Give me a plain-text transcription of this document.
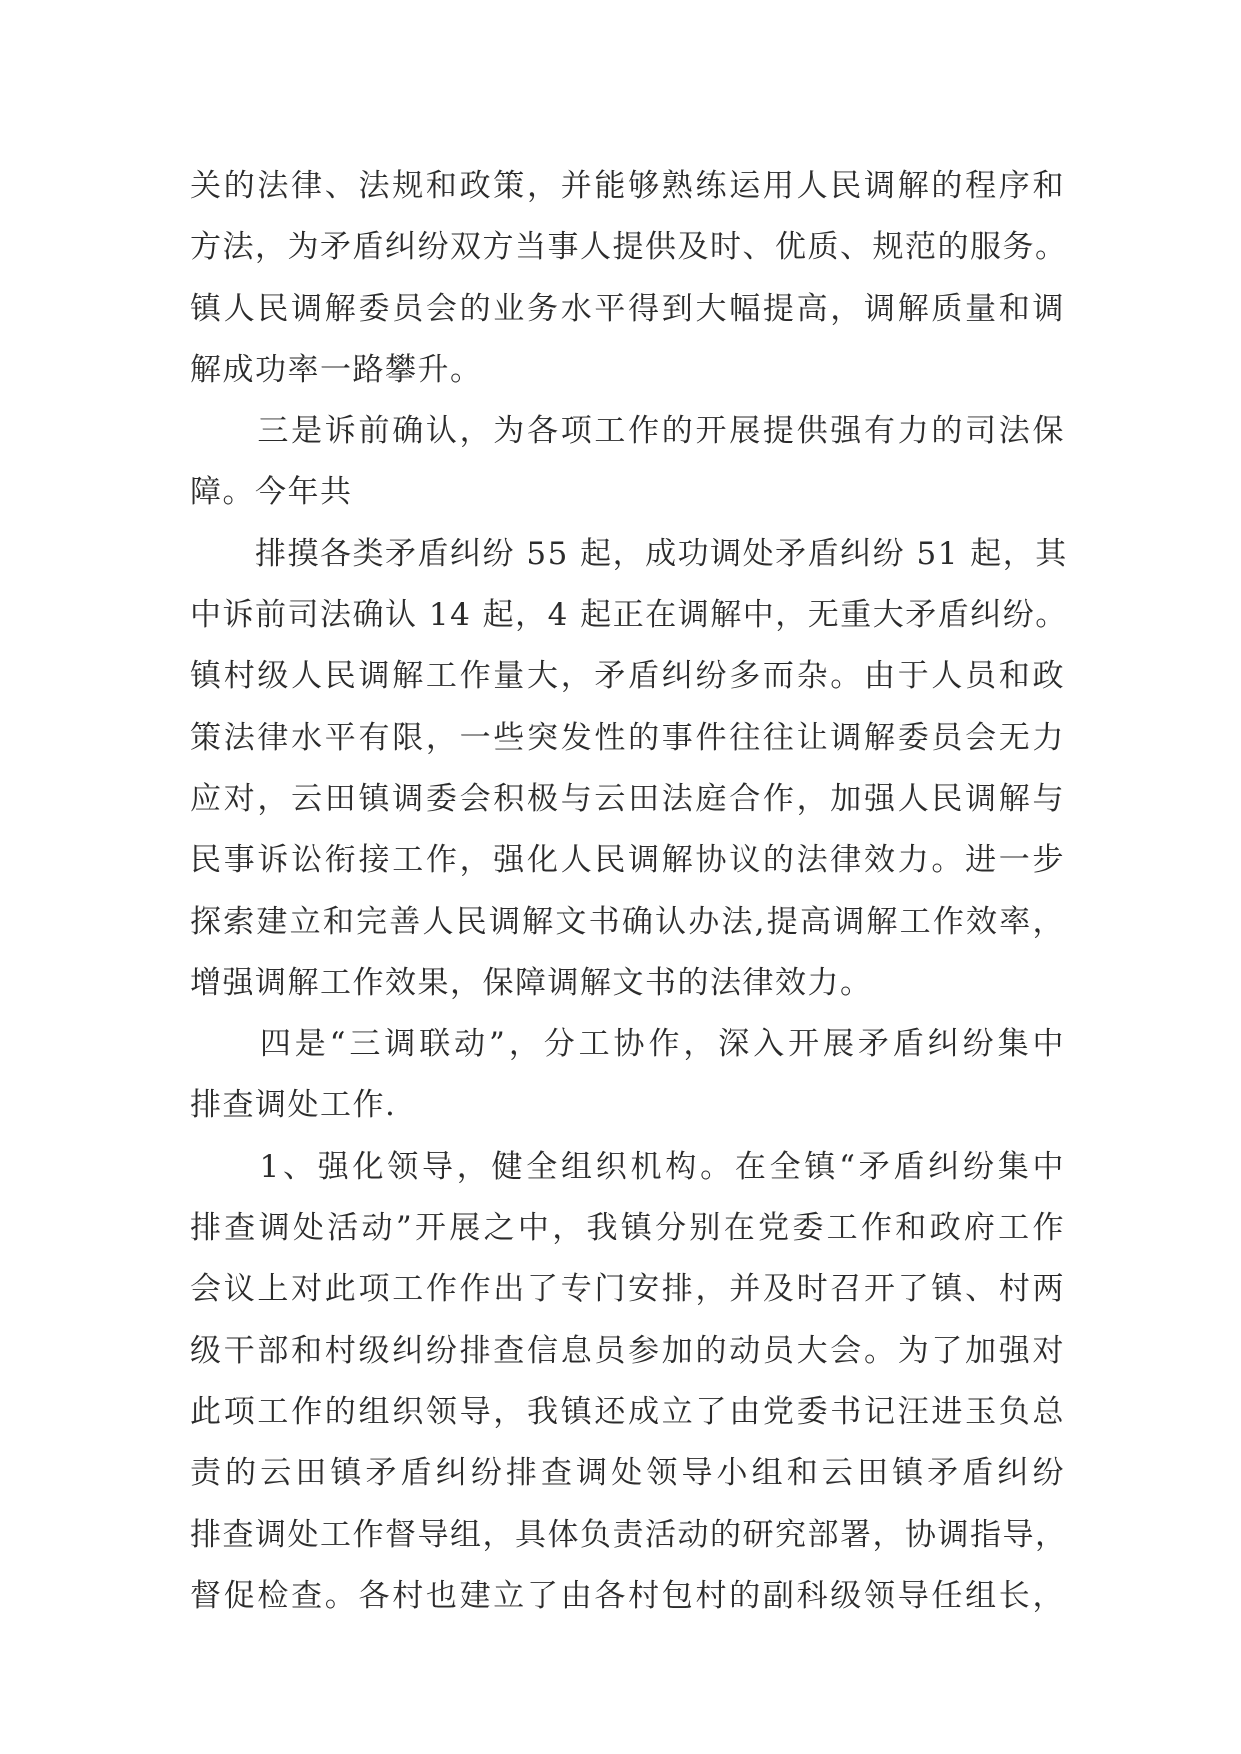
关的法律、法规和政策，并能够熟练运用人民调解的程序和
方法，为矛盾纠纷双方当事人提供及时、优质、规范的服务。
镇人民调解委员会的业务水平得到大幅提高，调解质量和调
解成功率一路攀升。
　　三是诉前确认，为各项工作的开展提供强有力的司法保
障。今年共
　　排摸各类矛盾纠纷 55 起，成功调处矛盾纠纷 51 起，其
中诉前司法确认 14 起，4 起正在调解中，无重大矛盾纠纷。
镇村级人民调解工作量大，矛盾纠纷多而杂。由于人员和政
策法律水平有限，一些突发性的事件往往让调解委员会无力
应对，云田镇调委会积极与云田法庭合作，加强人民调解与
民事诉讼衔接工作，强化人民调解协议的法律效力。进一步
探索建立和完善人民调解文书确认办法,提高调解工作效率，
增强调解工作效果，保障调解文书的法律效力。
　　四是“三调联动”，分工协作，深入开展矛盾纠纷集中
排查调处工作.
　　1、强化领导，健全组织机构。在全镇“矛盾纠纷集中
排查调处活动”开展之中，我镇分别在党委工作和政府工作
会议上对此项工作作出了专门安排，并及时召开了镇、村两
级干部和村级纠纷排查信息员参加的动员大会。为了加强对
此项工作的组织领导，我镇还成立了由党委书记汪进玉负总
责的云田镇矛盾纠纷排查调处领导小组和云田镇矛盾纠纷
排查调处工作督导组，具体负责活动的研究部署，协调指导，
督促检查。各村也建立了由各村包村的副科级领导任组长，
